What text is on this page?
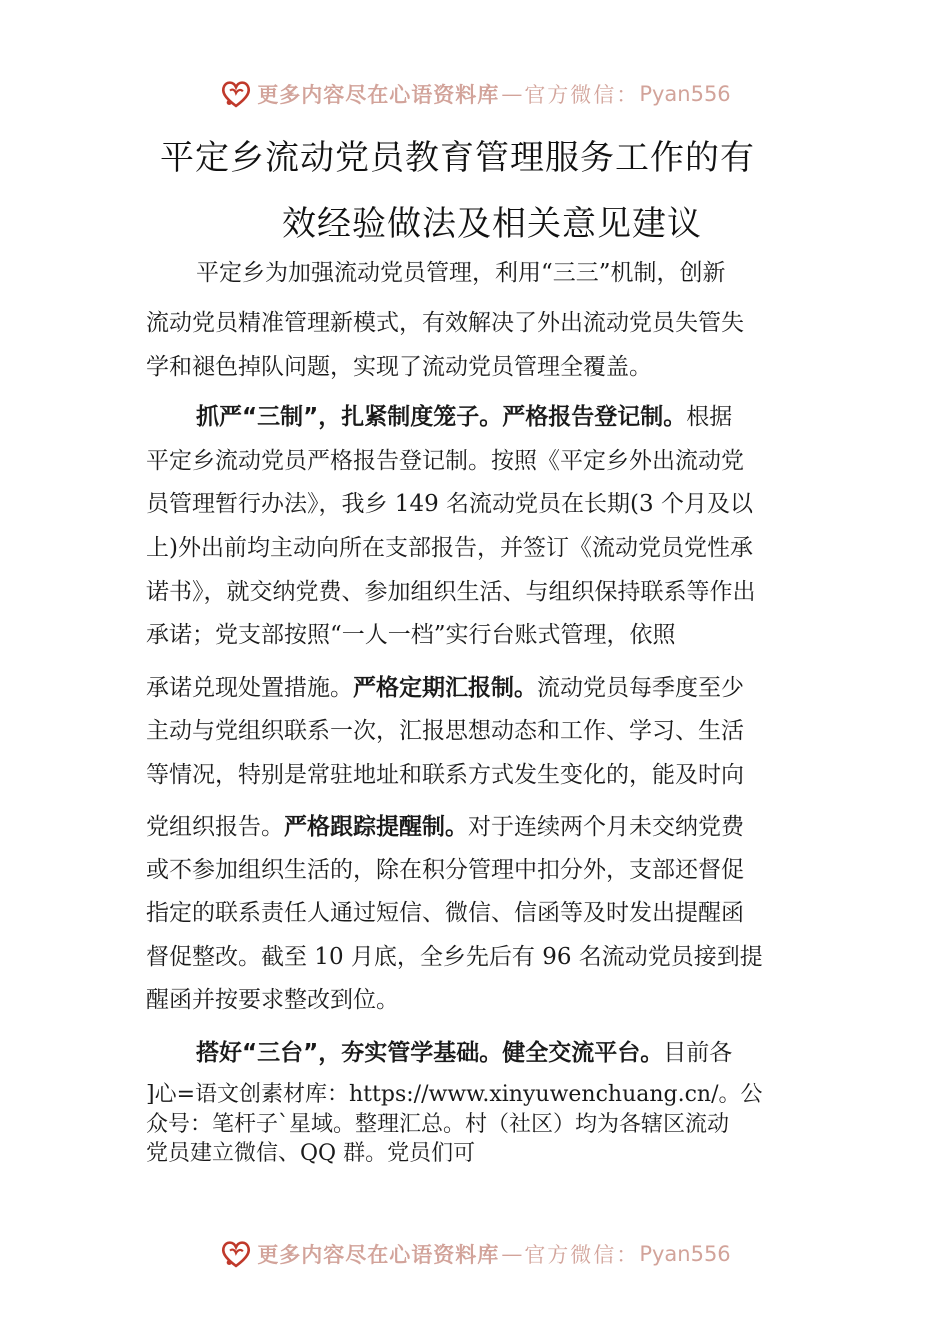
更多内容尽在心语资料库 — 官方微信： Pyan556
平定乡流动党员教育管理服务工作的有
效经验做法及相关意见建议
平定乡为加强流动党员管理，利用“三三”机制，创新
流动党员精准管理新模式，有效解决了外出流动党员失管失
学和褪色掉队问题，实现了流动党员管理全覆盖。
抓严“三制”，扎紧制度笼子。严格报告登记制。根据
平定乡流动党员严格报告登记制。按照《平定乡外出流动党
员管理暂行办法》，我乡 149 名流动党员在长期(3 个月及以
上)外出前均主动向所在支部报告，并签订《流动党员党性承
诺书》，就交纳党费、参加组织生活、与组织保持联系等作出
承诺；党支部按照“一人一档”实行台账式管理，依照
承诺兑现处置措施。严格定期汇报制。流动党员每季度至少
主动与党组织联系一次，汇报思想动态和工作、学习、生活
等情况，特别是常驻地址和联系方式发生变化的，能及时向
党组织报告。严格跟踪提醒制。对于连续两个月未交纳党费
或不参加组织生活的，除在积分管理中扣分外，支部还督促
指定的联系责任人通过短信、微信、信函等及时发出提醒函
督促整改。截至 10 月底，全乡先后有 96 名流动党员接到提
醒函并按要求整改到位。
搭好“三台”，夯实管学基础。健全交流平台。目前各
]心=语文创素材库：https://www.xinyuwenchuang.cn/。公
众号：笔杆子`星域。整理汇总。村（社区）均为各辖区流动
党员建立微信、QQ 群。党员们可
更多内容尽在心语资料库 — 官方微信： Pyan556
